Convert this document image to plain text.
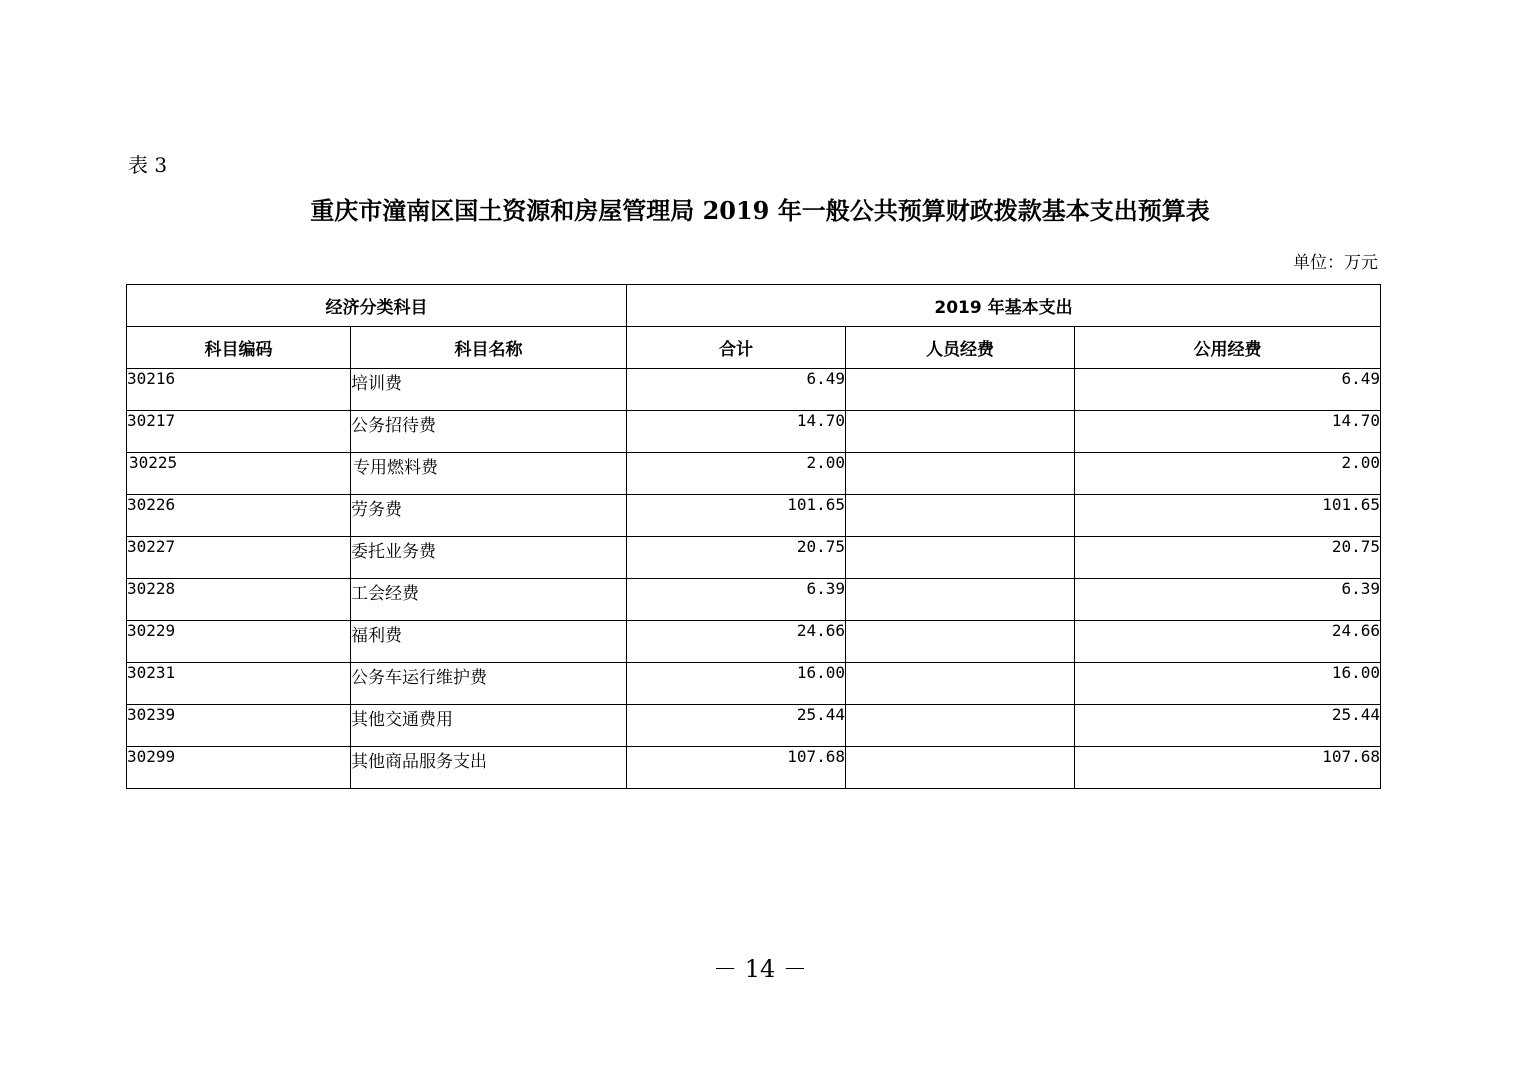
表 3
重庆市潼南区国土资源和房屋管理局 2019 年一般公共预算财政拨款基本支出预算表
单位：万元
经济分类科目		2019 年基本支出		
科目编码	科目名称	合计	人员经费	公用经费
30216	培训费	6.49		6.49
30217	公务招待费	14.70		14.70
30225	专用燃料费	2.00		2.00
30226	劳务费	101.65		101.65
30227	委托业务费	20.75		20.75
30228	工会经费	6.39		6.39
30229	福利费	24.66		24.66
30231	公务车运行维护费	16.00		16.00
30239	其他交通费用	25.44		25.44
30299	其他商品服务支出	107.68		107.68
－ 14 －
